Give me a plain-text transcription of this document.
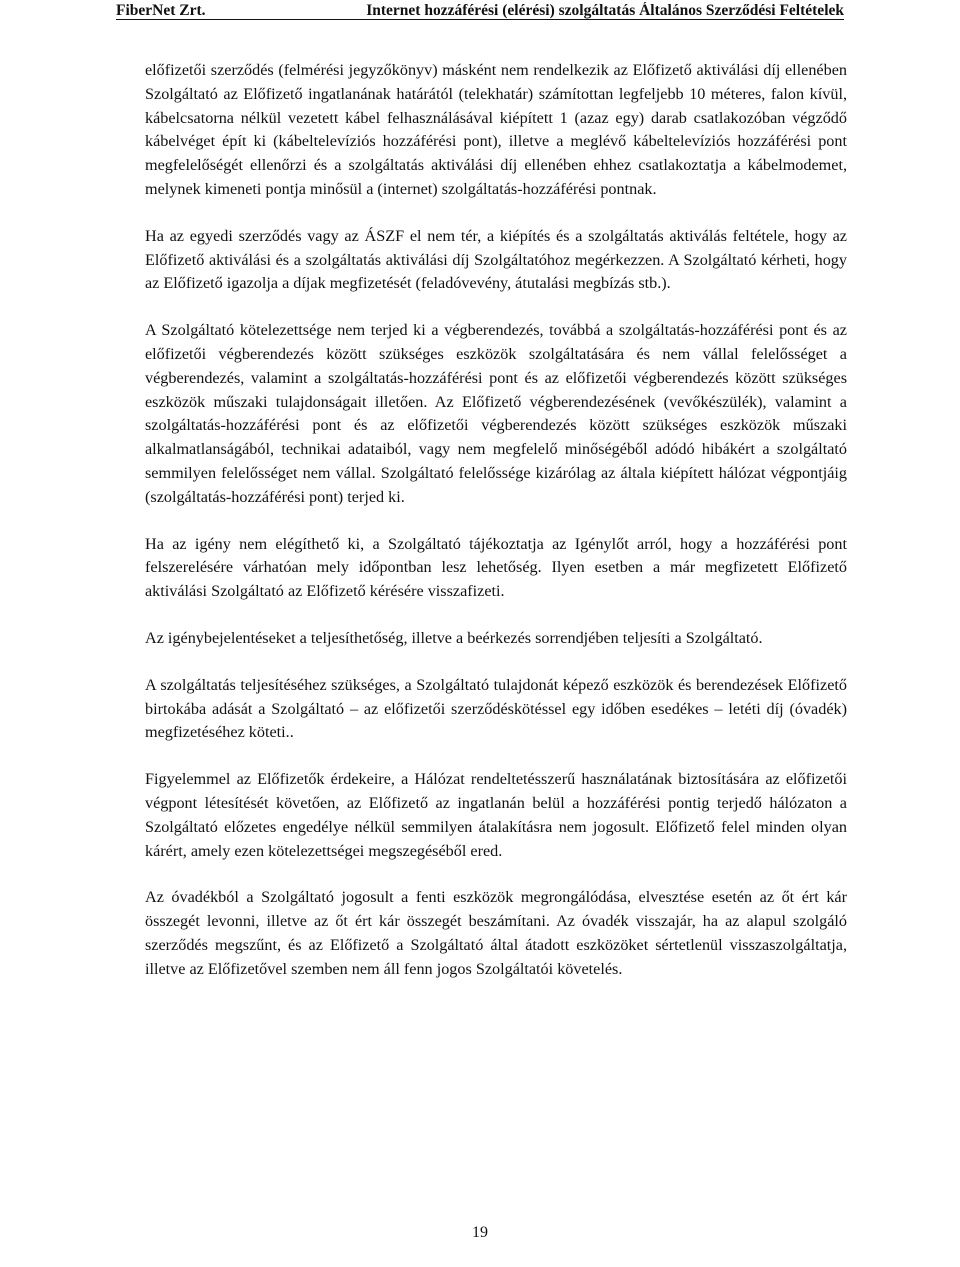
FiberNet Zrt.	Internet hozzáférési (elérési) szolgáltatás Általános Szerződési Feltételek

előfizetői szerződés (felmérési jegyzőkönyv) másként nem rendelkezik az Előfizető aktiválási díj ellenében Szolgáltató az Előfizető ingatlanának határától (telekhatár) számítottan legfeljebb 10 méteres, falon kívül, kábelcsatorna nélkül vezetett kábel felhasználásával kiépített 1 (azaz egy) darab csatlakozóban végződő kábelvéget épít ki (kábeltelevíziós hozzáférési pont), illetve a meglévő kábeltelevíziós hozzáférési pont megfelelőségét ellenőrzi és a szolgáltatás aktiválási díj ellenében ehhez csatlakoztatja a kábelmodemet, melynek kimeneti pontja minősül a (internet) szolgáltatás-hozzáférési pontnak.

Ha az egyedi szerződés vagy az ÁSZF el nem tér, a kiépítés és a szolgáltatás aktiválás feltétele, hogy az Előfizető aktiválási és a szolgáltatás aktiválási díj Szolgáltatóhoz megérkezzen. A Szolgáltató kérheti, hogy az Előfizető igazolja a díjak megfizetését (feladóvevény, átutalási megbízás stb.).

A Szolgáltató kötelezettsége nem terjed ki a végberendezés, továbbá a szolgáltatás-hozzáférési pont és az előfizetői végberendezés között szükséges eszközök szolgáltatására és nem vállal felelősséget a végberendezés, valamint a szolgáltatás-hozzáférési pont és az előfizetői végberendezés között szükséges eszközök műszaki tulajdonságait illetően. Az Előfizető végberendezésének (vevőkészülék), valamint a szolgáltatás-hozzáférési pont és az előfizetői végberendezés között szükséges eszközök műszaki alkalmatlanságából, technikai adataiból, vagy nem megfelelő minőségéből adódó hibákért a szolgáltató semmilyen felelősséget nem vállal. Szolgáltató felelőssége kizárólag az általa kiépített hálózat végpontjáig (szolgáltatás-hozzáférési pont) terjed ki.

Ha az igény nem elégíthető ki, a Szolgáltató tájékoztatja az Igénylőt arról, hogy a hozzáférési pont felszerelésére várhatóan mely időpontban lesz lehetőség. Ilyen esetben a már megfizetett Előfizető aktiválási Szolgáltató az Előfizető kérésére visszafizeti.

Az igénybejelentéseket a teljesíthetőség, illetve a beérkezés sorrendjében teljesíti a Szolgáltató.

A szolgáltatás teljesítéséhez szükséges, a Szolgáltató tulajdonát képező eszközök és berendezések Előfizető birtokába adását a Szolgáltató – az előfizetői szerződéskötéssel egy időben esedékes – letéti díj (óvadék) megfizetéséhez köteti..

Figyelemmel az Előfizetők érdekeire, a Hálózat rendeltetésszerű használatának biztosítására az előfizetői végpont létesítését követően, az Előfizető az ingatlanán belül a hozzáférési pontig terjedő hálózaton a Szolgáltató előzetes engedélye nélkül semmilyen átalakításra nem jogosult. Előfizető felel minden olyan kárért, amely ezen kötelezettségei megszegéséből ered.

Az óvadékból a Szolgáltató jogosult a fenti eszközök megrongálódása, elvesztése esetén az őt ért kár összegét levonni, illetve az őt ért kár összegét beszámítani. Az óvadék visszajár, ha az alapul szolgáló szerződés megszűnt, és az Előfizető a Szolgáltató által átadott eszközöket sértetlenül visszaszolgáltatja, illetve az Előfizetővel szemben nem áll fenn jogos Szolgáltatói követelés.

19
